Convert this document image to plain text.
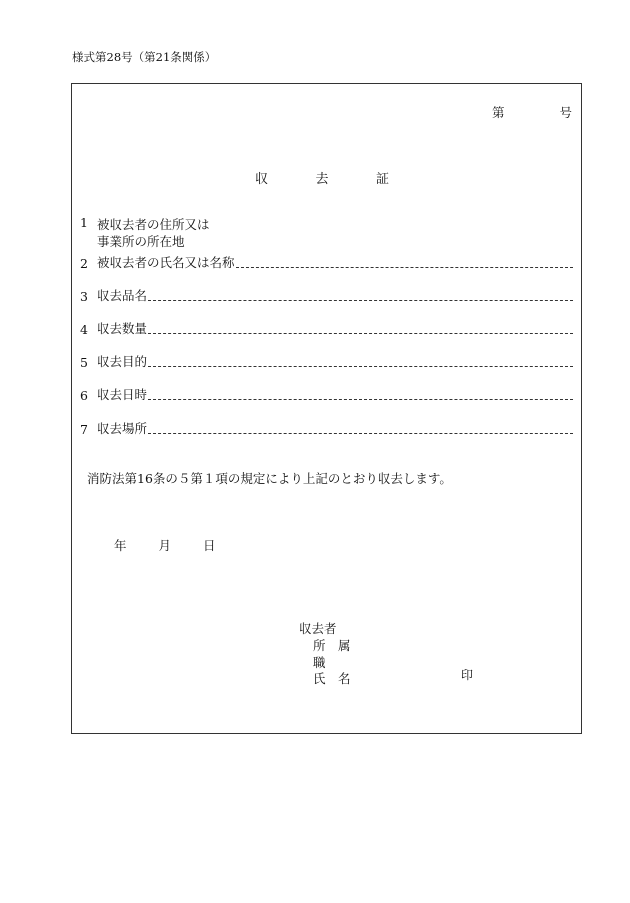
様式第28号（第21条関係）
第	号
収	去	証
1 被収去者の住所又は
事業所の所在地
2 被収去者の氏名又は名称
3 収去品名
4 収去数量
5 収去目的
6 収去日時
7 収去場所
消防法第16条の５第１項の規定により上記のとおり収去します。
年	月	日
収去者
所　属
職
氏　名	印
